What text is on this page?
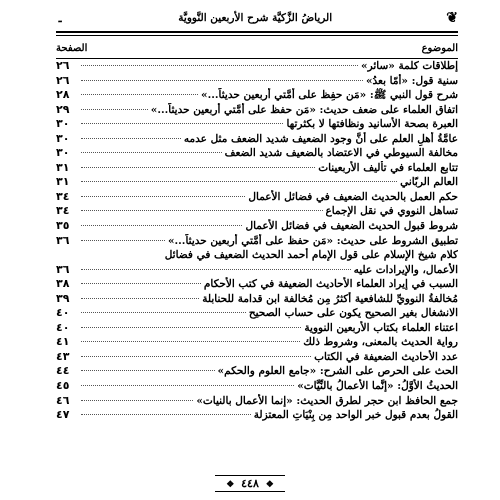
❦
الرياضُ الزَّكيَّة شرح الأربعين النَّوويَّة
۔
الموضوع
الصفحة
إطلاقات كلمة «سائر»
٢٦
سنية قول: «أمّا بعدُ»
٢٦
شرح قول النبي ﷺ: «مَن حفِظ على أمَّتي أربعين حديثاً...»
٢٨
اتفاق العلماء على ضعف حديث: «مَن حفظ على أمَّتي أربعين حديثاً...»
٢٩
العبرة بصحة الأسانيد ونظافتها لا بكثرتها
٣٠
عامَّةُ أهلِ العلم على أنَّ وجود الضعيف شديد الضعف مثل عدمه
٣٠
مخالفة السيوطي في الاعتضاد بالضعيف شديد الضعف
٣٠
تتابع العلماء في تأليف الأربعينات
٣١
العالم الربّاني
٣١
حكم العمل بالحديث الضعيف في فضائل الأعمال
٣٤
تساهل النووي في نقل الإجماع
٣٤
شروط قبول الحديث الضعيف في فضائل الأعمال
٣٥
تطبيق الشروط على حديث: «مَن حفظ على أمَّتي أربعين حديثاً...»
٣٦
كلام شيخ الإسلام على قول الإمام أحمد الحديث الضعيف في فضائل
الأعمال، والإيرادات عليه
٣٦
السبب في إيراد العلماء الأحاديث الضعيفة في كتب الأحكام
٣٨
مُخالفةُ النوويِّ للشافعية أكثرُ مِن مُخالفة ابن قدامة للحنابلة
٣٩
الانشغال بغير الصحيح يكون على حساب الصحيح
٤٠
اعتناء العلماء بكتاب الأربعين النووية
٤٠
رواية الحديث بالمعنى، وشروط ذلك
٤١
عدد الأحاديث الضعيفة في الكتاب
٤٣
الحث على الحرص على الشرح: «جامع العلوم والحكم»
٤٤
الحديثُ الأوَّلُ: «إنَّما الأعمالُ بالنِّيَّات»
٤٥
جمع الحافظ ابن حجر لطرق الحديث: «إنما الأعمال بالنيات»
٤٦
القولُ بعدم قبول خبر الواحد مِن بِنْيَاتِ المعتزلة
٤٧
❖ ٤٤٨ ❖
